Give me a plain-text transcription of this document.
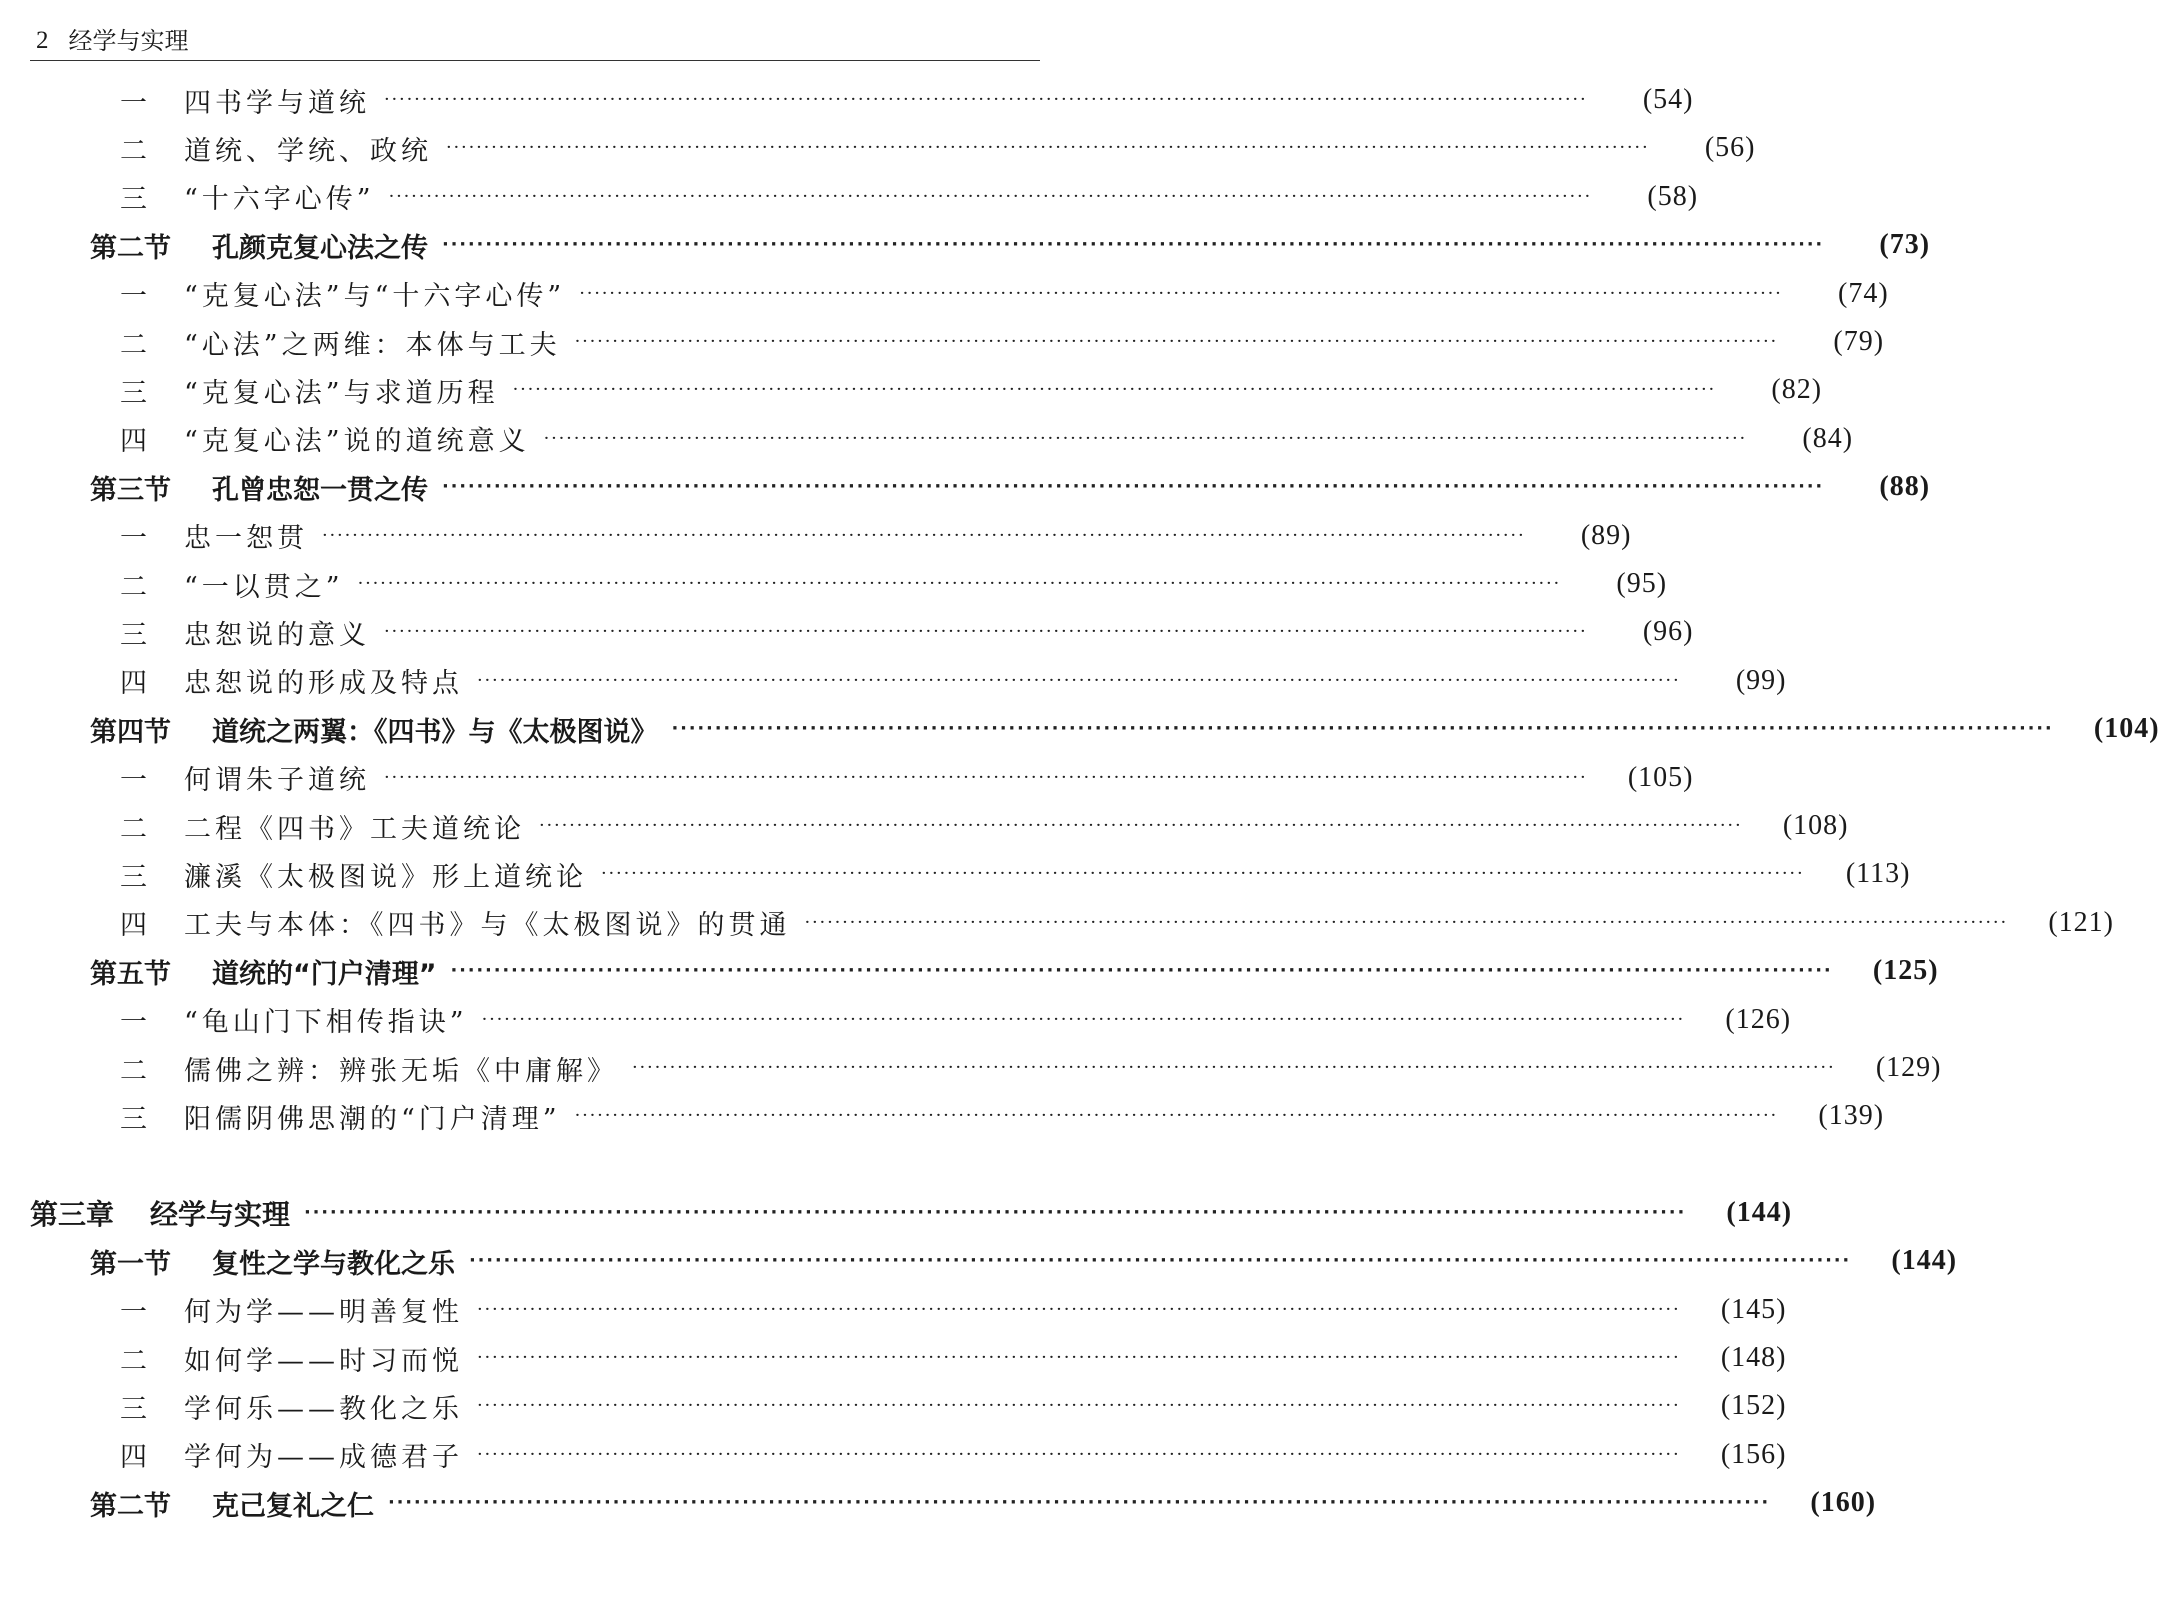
2 经学与实理
一	四书学与道统 ································································································································································	(54)
二	道统、学统、政统 ································································································································································	(56)
三	“十六字心传” ································································································································································	(58)
第二节	孔颜克复心法之传 ································································································································································	(73)
一	“克复心法”与“十六字心传” ································································································································································	(74)
二	“心法”之两维：本体与工夫 ································································································································································	(79)
三	“克复心法”与求道历程 ································································································································································	(82)
四	“克复心法”说的道统意义 ································································································································································	(84)
第三节	孔曾忠恕一贯之传 ································································································································································	(88)
一	忠一恕贯 ································································································································································	(89)
二	“一以贯之” ································································································································································	(95)
三	忠恕说的意义 ································································································································································	(96)
四	忠恕说的形成及特点 ································································································································································	(99)
第四节	道统之两翼：《四书》与《太极图说》 ································································································································································	(104)
一	何谓朱子道统 ································································································································································	(105)
二	二程《四书》工夫道统论 ································································································································································	(108)
三	濂溪《太极图说》形上道统论 ································································································································································	(113)
四	工夫与本体：《四书》与《太极图说》的贯通 ································································································································································	(121)
第五节	道统的“门户清理” ································································································································································	(125)
一	“龟山门下相传指诀” ································································································································································	(126)
二	儒佛之辨：辨张无垢《中庸解》 ································································································································································	(129)
三	阳儒阴佛思潮的“门户清理” ································································································································································	(139)
第三章	经学与实理 ································································································································································	(144)
第一节	复性之学与教化之乐 ································································································································································	(144)
一	何为学——明善复性 ································································································································································	(145)
二	如何学——时习而悦 ································································································································································	(148)
三	学何乐——教化之乐 ································································································································································	(152)
四	学何为——成德君子 ································································································································································	(156)
第二节	克己复礼之仁 ································································································································································	(160)
